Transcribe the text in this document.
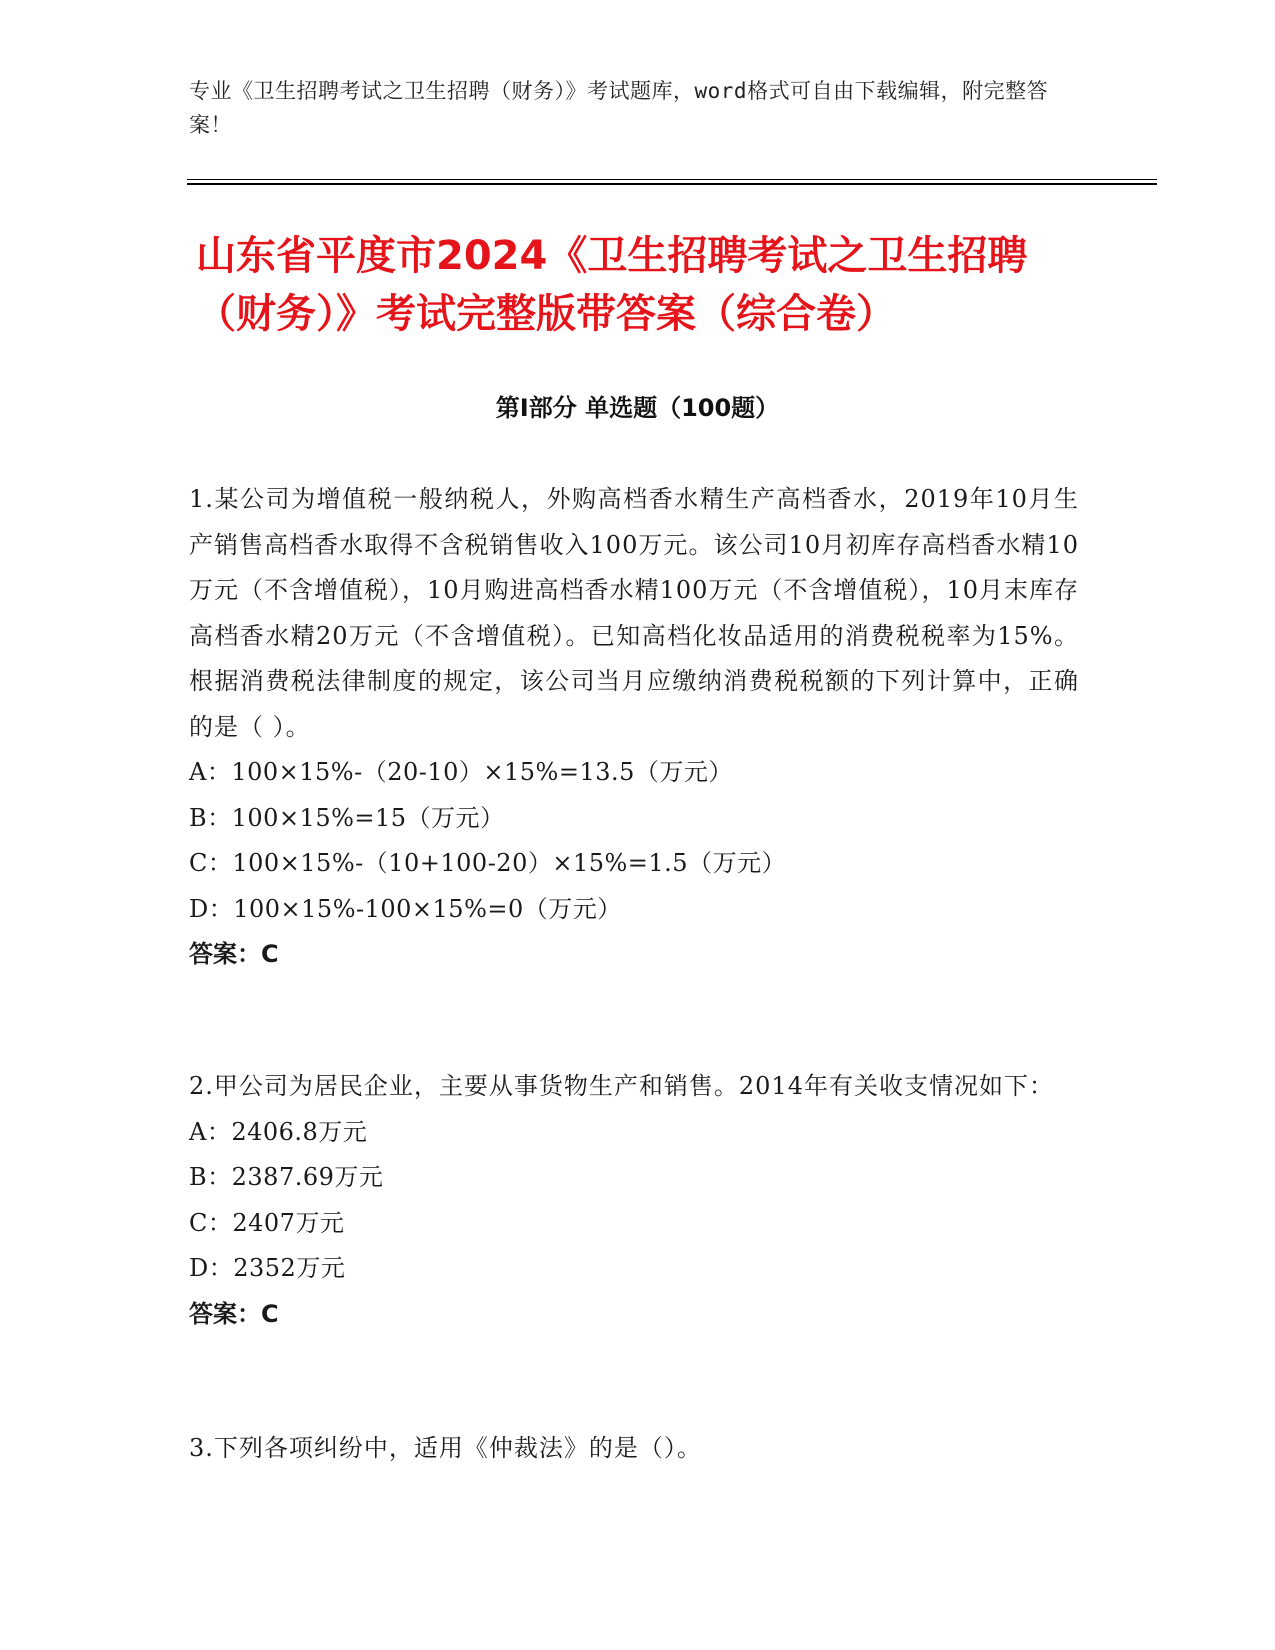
专业《卫生招聘考试之卫生招聘（财务）》考试题库，word格式可自由下载编辑，附完整答案！
山东省平度市2024《卫生招聘考试之卫生招聘（财务）》考试完整版带答案（综合卷）
第I部分 单选题（100题）

1.某公司为增值税一般纳税人，外购高档香水精生产高档香水，2019年10月生产销售高档香水取得不含税销售收入100万元。该公司10月初库存高档香水精10万元（不含增值税），10月购进高档香水精100万元（不含增值税），10月末库存高档香水精20万元（不含增值税）。已知高档化妆品适用的消费税税率为15%。根据消费税法律制度的规定，该公司当月应缴纳消费税税额的下列计算中，正确的是（ ）。

A：100×15%-（20-10）×15%=13.5（万元）

B：100×15%=15（万元）

C：100×15%-（10+100-20）×15%=1.5（万元）

D：100×15%-100×15%=0（万元）

答案：C

2.甲公司为居民企业，主要从事货物生产和销售。2014年有关收支情况如下：

A：2406.8万元

B：2387.69万元

C：2407万元

D：2352万元

答案：C

3.下列各项纠纷中，适用《仲裁法》的是（）。
